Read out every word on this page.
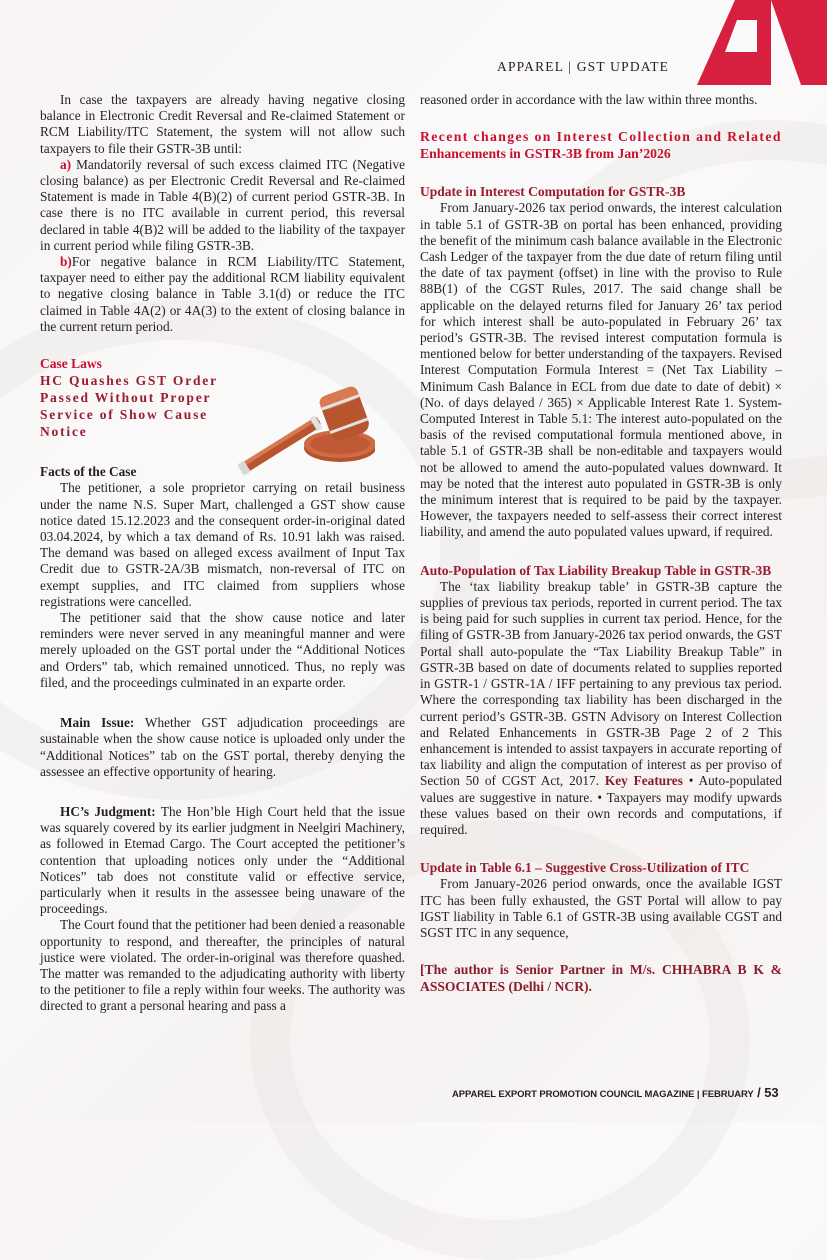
APPAREL | GST UPDATE

In case the taxpayers are already having negative closing balance in Electronic Credit Reversal and Re-claimed Statement or RCM Liability/ITC Statement, the system will not allow such taxpayers to file their GSTR-3B until:

a) Mandatorily reversal of such excess claimed ITC (Negative closing balance) as per Electronic Credit Reversal and Re-claimed Statement is made in Table 4(B)(2) of current period GSTR-3B. In case there is no ITC available in current period, this reversal declared in table 4(B)2 will be added to the liability of the taxpayer in current period while filing GSTR-3B.

b)For negative balance in RCM Liability/ITC Statement, taxpayer need to either pay the additional RCM liability equivalent to negative closing balance in Table 3.1(d) or reduce the ITC claimed in Table 4A(2) or 4A(3) to the extent of closing balance in the current return period.

Case Laws
HC Quashes GST Order Passed Without Proper Service of Show Cause Notice
Facts of the Case

The petitioner, a sole proprietor carrying on retail business under the name N.S. Super Mart, challenged a GST show cause notice dated 15.12.2023 and the consequent order-in-original dated 03.04.2024, by which a tax demand of Rs. 10.91 lakh was raised. The demand was based on alleged excess availment of Input Tax Credit due to GSTR-2A/3B mismatch, non-reversal of ITC on exempt supplies, and ITC claimed from suppliers whose registrations were cancelled.

The petitioner said that the show cause notice and later reminders were never served in any meaningful manner and were merely uploaded on the GST portal under the “Additional Notices and Orders” tab, which remained unnoticed. Thus, no reply was filed, and the proceedings culminated in an exparte order.

Main Issue: Whether GST adjudication proceedings are sustainable when the show cause notice is uploaded only under the “Additional Notices” tab on the GST portal, thereby denying the assessee an effective opportunity of hearing.

HC’s Judgment: The Hon’ble High Court held that the issue was squarely covered by its earlier judgment in Neelgiri Machinery, as followed in Etemad Cargo. The Court accepted the petitioner’s contention that uploading notices only under the “Additional Notices” tab does not constitute valid or effective service, particularly when it results in the assessee being unaware of the proceedings.

The Court found that the petitioner had been denied a reasonable opportunity to respond, and thereafter, the principles of natural justice were violated. The order-in-original was therefore quashed. The matter was remanded to the adjudicating authority with liberty to the petitioner to file a reply within four weeks. The authority was directed to grant a personal hearing and pass a

reasoned order in accordance with the law within three months.

Recent changes on Interest Collection and Related
Enhancements in GSTR-3B from Jan’2026
Update in Interest Computation for GSTR-3B

From January-2026 tax period onwards, the interest calculation in table 5.1 of GSTR-3B on portal has been enhanced, providing the benefit of the minimum cash balance available in the Electronic Cash Ledger of the taxpayer from the due date of return filing until the date of tax payment (offset) in line with the proviso to Rule 88B(1) of the CGST Rules, 2017. The said change shall be applicable on the delayed returns filed for January 26’ tax period for which interest shall be auto-populated in February 26’ tax period’s GSTR-3B. The revised interest computation formula is mentioned below for better understanding of the taxpayers. Revised Interest Computation Formula Interest = (Net Tax Liability – Minimum Cash Balance in ECL from due date to date of debit) × (No. of days delayed / 365) × Applicable Interest Rate 1. System-Computed Interest in Table 5.1: The interest auto-populated on the basis of the revised computational formula mentioned above, in table 5.1 of GSTR-3B shall be non-editable and taxpayers would not be allowed to amend the auto-populated values downward. It may be noted that the interest auto populated in GSTR-3B is only the minimum interest that is required to be paid by the taxpayer. However, the taxpayers needed to self-assess their correct interest liability, and amend the auto populated values upward, if required.

Auto-Population of Tax Liability Breakup Table in GSTR-3B

The ‘tax liability breakup table’ in GSTR-3B capture the supplies of previous tax periods, reported in current period. The tax is being paid for such supplies in current tax period. Hence, for the filing of GSTR-3B from January-2026 tax period onwards, the GST Portal shall auto-populate the “Tax Liability Breakup Table” in GSTR-3B based on date of documents related to supplies reported in GSTR-1 / GSTR-1A / IFF pertaining to any previous tax period. Where the corresponding tax liability has been discharged in the current period’s GSTR-3B. GSTN Advisory on Interest Collection and Related Enhancements in GSTR-3B Page 2 of 2 This enhancement is intended to assist taxpayers in accurate reporting of tax liability and align the computation of interest as per proviso of Section 50 of CGST Act, 2017. Key Features • Auto-populated values are suggestive in nature. • Taxpayers may modify upwards these values based on their own records and computations, if required.

Update in Table 6.1 – Suggestive Cross-Utilization of ITC

From January-2026 period onwards, once the available IGST ITC has been fully exhausted, the GST Portal will allow to pay IGST liability in Table 6.1 of GSTR-3B using available CGST and SGST ITC in any sequence,

[The author is Senior Partner in M/s. CHHABRA B K & ASSOCIATES (Delhi / NCR).

APPAREL EXPORT PROMOTION COUNCIL MAGAZINE | FEBRUARY / 53
